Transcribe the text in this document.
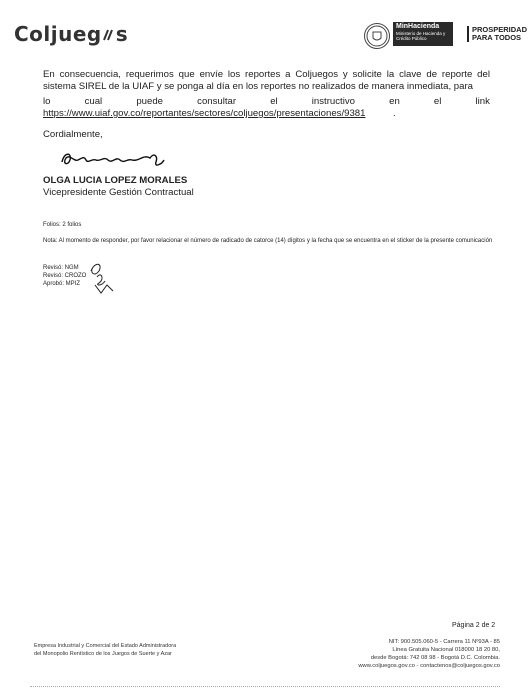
Coljueg s	MinHacienda
Ministerio de Hacienda y Crédito Público
PROSPERIDAD
PARA TODOS
En consecuencia, requerimos que envíe los reportes a Coljuegos y solicite la clave de reporte del sistema SIREL de la UIAF y se ponga al día en los reportes no realizados de manera inmediata, para
lo	cual	puede	consultar	el	instructivo	en	el	link
https://www.uiaf.gov.co/reportantes/sectores/coljuegos/presentaciones/9381	.
Cordialmente,
OLGA LUCIA LOPEZ MORALES
Vicepresidente Gestión Contractual
Folios: 2 folios
Nota: Al momento de responder, por favor relacionar el número de radicado de catorce (14) dígitos y la fecha que se encuentra en el sticker de la presente comunicación
Revisó: NGM
Revisó: CROZO
Aprobó: MPIZ
Página 2 de 2
Empresa Industrial y Comercial del Estado Administradora
del Monopolio Rentístico de los Juegos de Suerte y Azar
NIT: 900.505.060-5 - Carrera 11 Nº93A - 85
Línea Gratuita Nacional 018000 18 20 80,
desde Bogotá: 742 08 98 - Bogotá D.C. Colombia.
www.coljuegos.gov.co - contactenos@coljuegos.gov.co
